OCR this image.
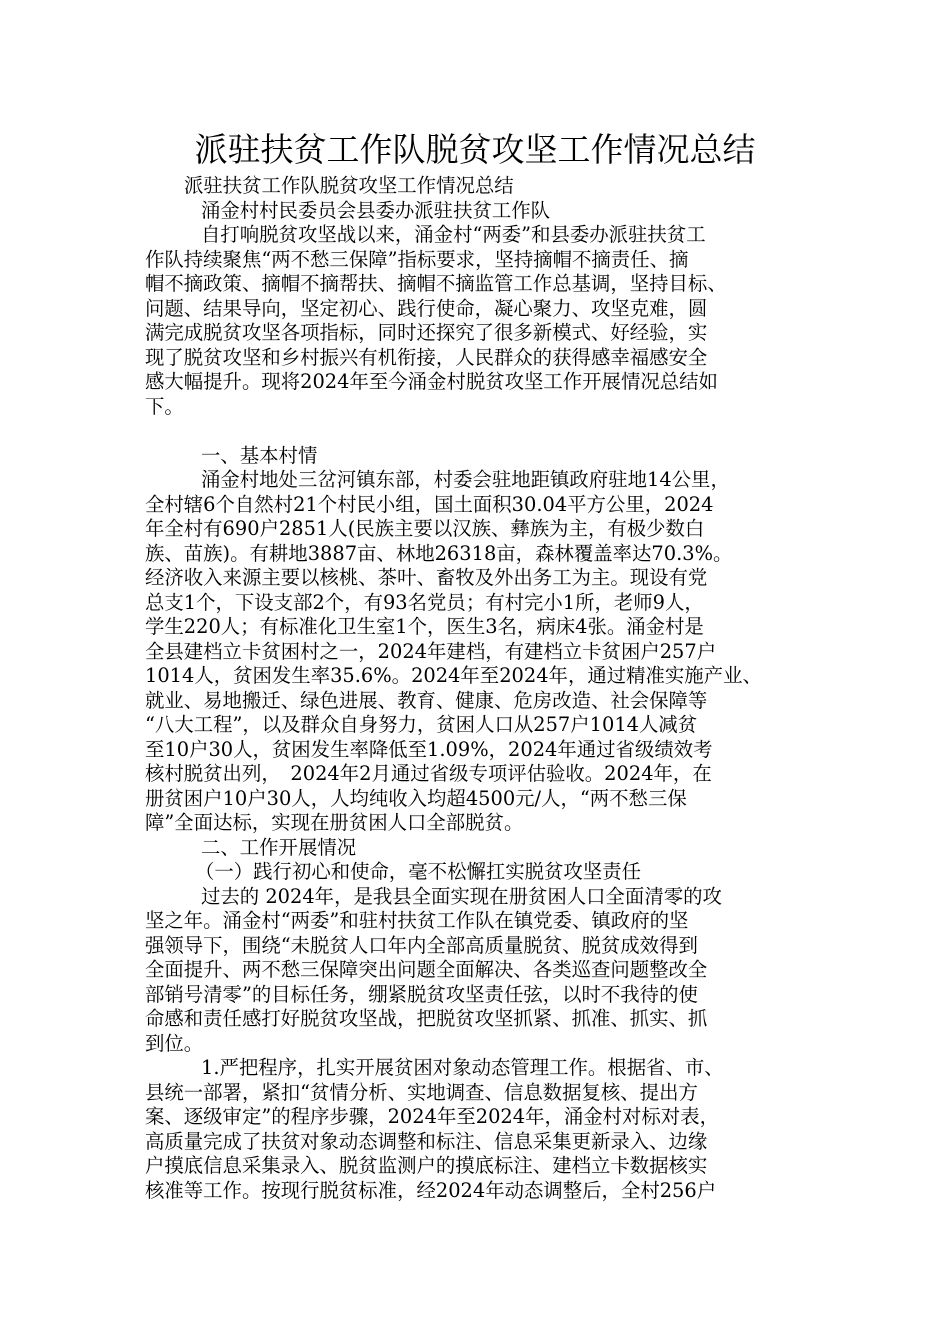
派驻扶贫工作队脱贫攻坚工作情况总结

派驻扶贫工作队脱贫攻坚工作情况总结

涌金村村民委员会县委办派驻扶贫工作队

自打响脱贫攻坚战以来，涌金村“两委”和县委办派驻扶贫工
作队持续聚焦“两不愁三保障”指标要求，坚持摘帽不摘责任、摘
帽不摘政策、摘帽不摘帮扶、摘帽不摘监管工作总基调，坚持目标、
问题、结果导向，坚定初心、践行使命，凝心聚力、攻坚克难，圆
满完成脱贫攻坚各项指标，同时还探究了很多新模式、好经验，实
现了脱贫攻坚和乡村振兴有机衔接，人民群众的获得感幸福感安全
感大幅提升。现将2024年至今涌金村脱贫攻坚工作开展情况总结如
下。

一、基本村情

涌金村地处三岔河镇东部，村委会驻地距镇政府驻地14公里，
全村辖6个自然村21个村民小组，国土面积30.04平方公里，2024
年全村有690户2851人(民族主要以汉族、彝族为主，有极少数白
族、苗族)。有耕地3887亩、林地26318亩，森林覆盖率达70.3%。
经济收入来源主要以核桃、茶叶、畜牧及外出务工为主。现设有党
总支1个，下设支部2个，有93名党员；有村完小1所，老师9人，
学生220人；有标准化卫生室1个，医生3名，病床4张。涌金村是
全县建档立卡贫困村之一，2024年建档，有建档立卡贫困户257户
1014人，贫困发生率35.6%。2024年至2024年，通过精准实施产业、
就业、易地搬迁、绿色进展、教育、健康、危房改造、社会保障等
“八大工程”，以及群众自身努力，贫困人口从257户1014人减贫
至10户30人，贫困发生率降低至1.09%，2024年通过省级绩效考
核村脱贫出列，　2024年2月通过省级专项评估验收。2024年，在
册贫困户10户30人，人均纯收入均超4500元/人，“两不愁三保
障”全面达标，实现在册贫困人口全部脱贫。

二、工作开展情况

（一）践行初心和使命，毫不松懈扛实脱贫攻坚责任

过去的 2024年，是我县全面实现在册贫困人口全面清零的攻
坚之年。涌金村“两委”和驻村扶贫工作队在镇党委、镇政府的坚
强领导下，围绕“未脱贫人口年内全部高质量脱贫、脱贫成效得到
全面提升、两不愁三保障突出问题全面解决、各类巡查问题整改全
部销号清零”的目标任务，绷紧脱贫攻坚责任弦，以时不我待的使
命感和责任感打好脱贫攻坚战，把脱贫攻坚抓紧、抓准、抓实、抓
到位。

1.严把程序，扎实开展贫困对象动态管理工作。根据省、市、
县统一部署，紧扣“贫情分析、实地调查、信息数据复核、提出方
案、逐级审定”的程序步骤，2024年至2024年，涌金村对标对表，
高质量完成了扶贫对象动态调整和标注、信息采集更新录入、边缘
户摸底信息采集录入、脱贫监测户的摸底标注、建档立卡数据核实
核准等工作。按现行脱贫标准，经2024年动态调整后，全村256户
